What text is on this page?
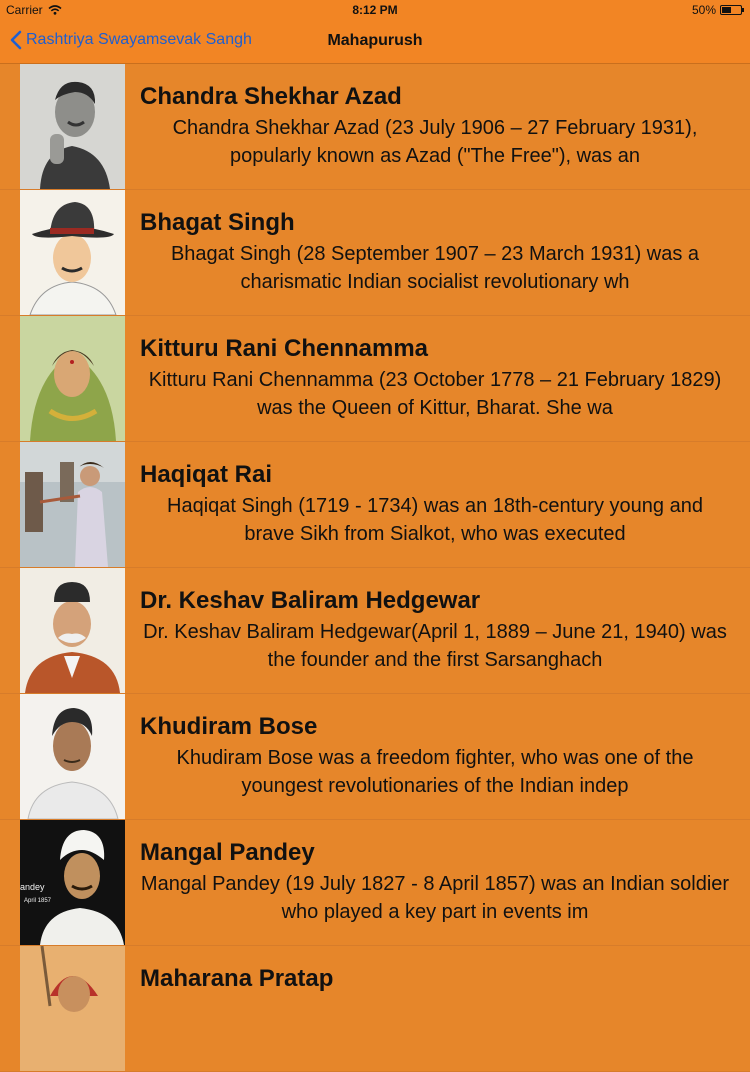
Carrier	8:12 PM	50%
Rashtriya Swayamsevak Sangh	Mahapurush
Chandra Shekhar Azad
Chandra Shekhar Azad (23 July 1906 – 27 February 1931), popularly known as Azad ("The Free"), was an
Bhagat Singh
Bhagat Singh (28 September 1907 – 23 March 1931) was a charismatic Indian socialist revolutionary wh
Kitturu Rani Chennamma
Kitturu Rani Chennamma (23 October 1778 – 21 February 1829) was the Queen of Kittur, Bharat. She wa
Haqiqat Rai
Haqiqat Singh (1719 - 1734) was an 18th-century young and brave Sikh from Sialkot, who was executed
Dr. Keshav Baliram Hedgewar
Dr. Keshav Baliram Hedgewar(April 1, 1889 – June 21, 1940) was the founder and the first Sarsanghach
Khudiram Bose
Khudiram Bose was a freedom fighter, who was one of the youngest revolutionaries of the Indian indep
andey
April 1857
Mangal Pandey
Mangal Pandey (19 July 1827 - 8 April 1857) was an Indian soldier who played a key part in events im
Maharana Pratap
